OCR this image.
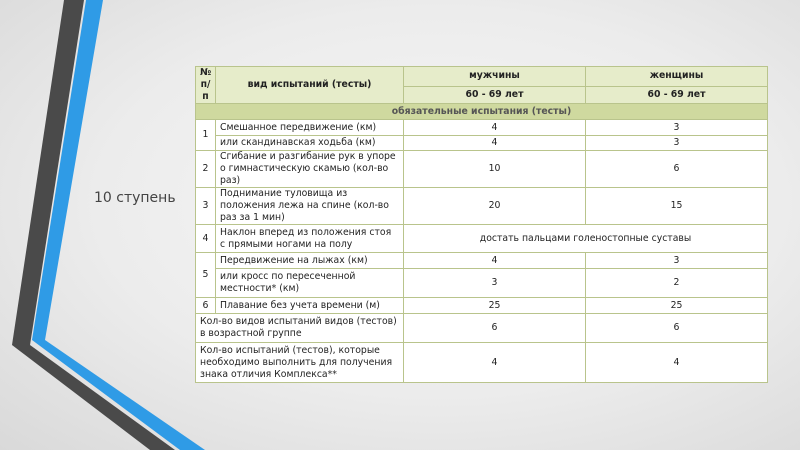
10 ступень
№ п/п	вид испытаний (тесты)	мужчины	женщины
		60 - 69 лет	60 - 69 лет
обязательные испытания (тесты)			
1	Смешанное передвижение (км)	4	3
	или скандинавская ходьба (км)	4	3
2	Сгибание и разгибание рук в упоре о гимнастическую скамью (кол-во раз)	10	6
3	Поднимание туловища из положения лежа на спине (кол-во раз за 1 мин)	20	15
4	Наклон вперед из положения стоя с прямыми ногами на полу	достать пальцами голеностопные суставы	
5	Передвижение на лыжах (км)	4	3
	или кросс по пересеченной местности* (км)	3	2
6	Плавание без учета времени (м)	25	25
Кол-во видов испытаний видов (тестов) в возрастной группе		6	6
Кол-во испытаний (тестов), которые необходимо выполнить для получения знака отличия Комплекса**		4	4
